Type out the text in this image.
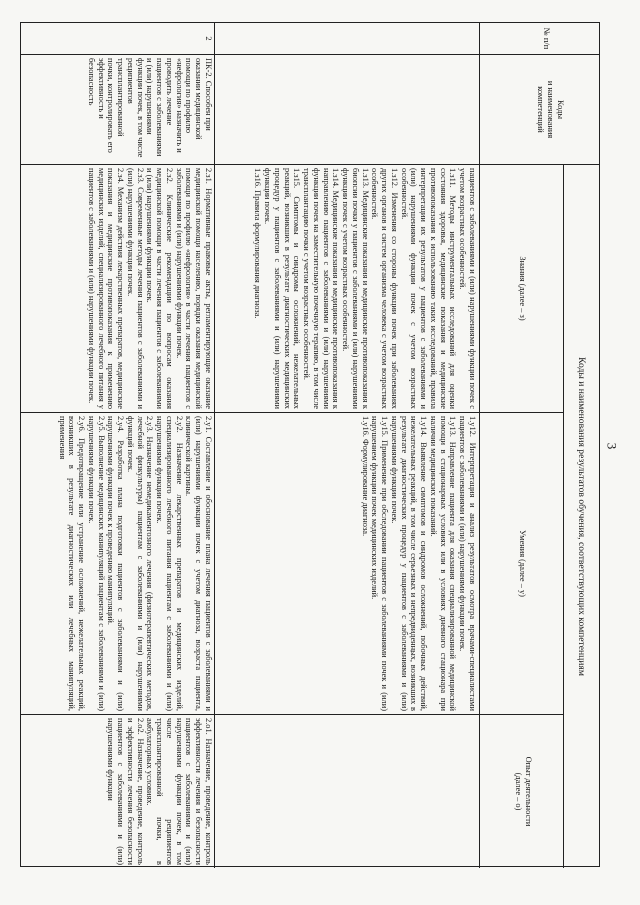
3
№ п/п
2
Коды
и наименования
компетенций
ПК-2. Способен при оказании медицинской помощи по профилю «нефрология» назначить и проводить лечение пациентов с заболеваниями и (или) нарушениями функции почек, в том числе реципиентов трансплантированной почки, контролировать его эффективность и безопасность
Коды и наименования результатов обучения, соответствующих компетенциям
Знания (далее – з)

пациентов с заболеваниями и (или) нарушениями функции почек с учетом возрастных особенностей.

1.з11. Методы инструментальных исследований для оценки состояния здоровья, медицинские показания и медицинские противопоказания к использованию таких исследований, правила интерпретации их результатов у пациентов с заболеваниями и (или) нарушениями функции почек с учетом возрастных особенностей.

1.з12. Изменения со стороны функции почек при заболеваниях других органов и систем организма человека с учетом возрастных особенностей.

1.з13. Медицинские показания и медицинские противопоказания к биопсии почки у пациентов с заболеваниями и (или) нарушениями функции почек с учетом возрастных особенностей.

1.з14. Медицинские показания и медицинские противопоказания к направлению пациентов с заболеваниями и (или) нарушениями функции почек на заместительную почечную терапию, в том числе трансплантацию почки с учетом возрастных особенностей.

1.з15. Симптомы и синдромы осложнений, нежелательных реакций, возникших в результате диагностических медицинских процедур у пациентов с заболеваниями и (или) нарушениями функции почек.

1.з16. Правила формулирования диагноза.

2.з1. Нормативные правовые акты, регламентирующие оказание медицинской помощи населению, порядки оказания медицинской помощи по профилю «нефрология» в части лечения пациентов с заболеваниями и (или) нарушениями функции почек.

2.з2. Клинические рекомендации по вопросам оказания медицинской помощи в части лечения пациентов с заболеваниями и (или) нарушениями функции почек.

2.з3. Современные методы лечения пациентов с заболеваниями и (или) нарушениями функции почек.

2.з4. Механизм действия лекарственных препаратов, медицинские показания и медицинские противопоказания к применению медицинских изделий, специализированного лечебного питания у пациентов с заболеваниями и (или) нарушениями функции почек.

Умения (далее – у)

1.у12. Интерпретация и анализ результатов осмотра врачами-специалистами пациентов с заболеваниями и (или) нарушениями функции почек.

1.у13. Направление пациента для оказания специализированной медицинской помощи в стационарных условиях или в условиях дневного стационара при наличии медицинских показаний.

1.у14. Выявление симптомов и синдромов осложнений, побочных действий, нежелательных реакций, в том числе серьезных и непредвиденных, возникших в результате диагностических процедур у пациентов с заболеваниями и (или) нарушениями функции почек.

1.у15. Применение при обследовании пациентов с заболеваниями почек и (или) нарушением функции почек медицинских изделий.

1.у16. Формулирование диагноза.

2.у1. Составление и обоснование плана лечения пациентов с заболеваниями и (или) нарушениями функции почек с учетом диагноза, возраста пациента, клинической картины.

2.у2. Назначение лекарственных препаратов и медицинских изделий, специализированного лечебного питания пациентам с заболеваниями и (или) нарушениями функции почек.

2.у3. Назначение немедикаментозного лечения (физиотерапевтических методов, лечебной физкультуры) пациентам с заболеваниями и (или) нарушениями функций почек.

2.у4. Разработка плана подготовки пациентов с заболеваниями и (или) нарушениями функции почек к проведению манипуляций.

2.у5. Выполнение медицинских манипуляций пациентам с заболеваниями и (или) нарушениями функции почек.

2.у6. Предотвращение или устранение осложнений, нежелательных реакций, возникших в результате диагностических или лечебных манипуляций, применения

Опыт деятельности
(далее – о)

2.о1. Назначение, проведение, контроль эффективности лечения и безопасности пациентов с заболеваниями и (или) нарушениями функции почек, в том числе реципиентов трансплантированной почки, в амбулаторных условиях.

2.о2. Назначение, проведение, контроль и эффективности лечения безопасности пациентов с заболеваниями и (или) нарушениями функции
